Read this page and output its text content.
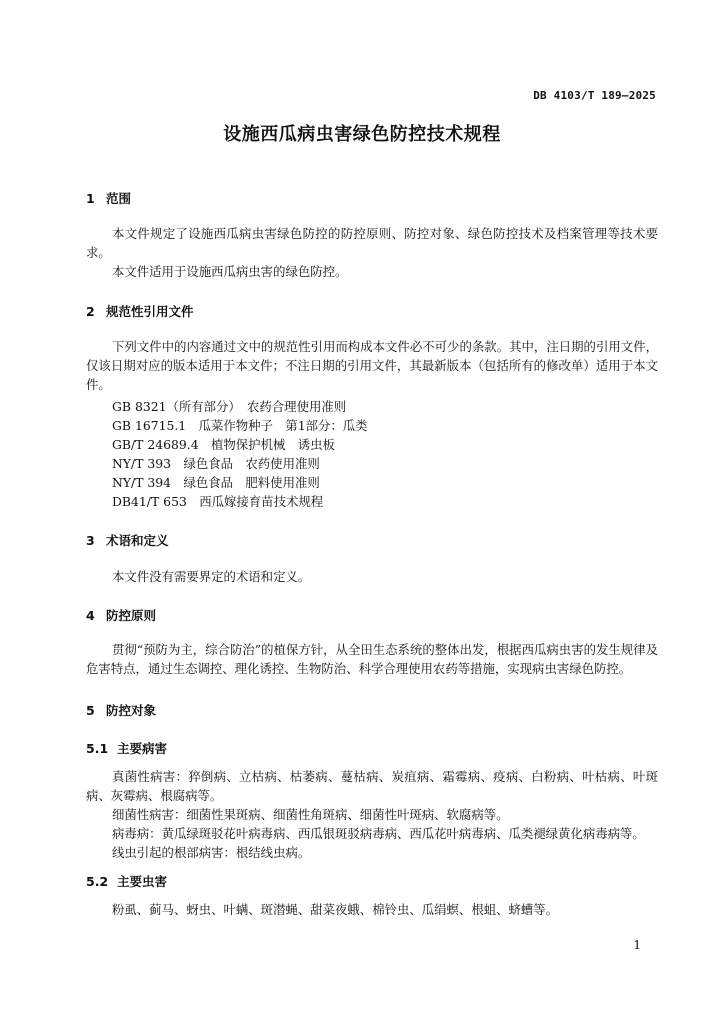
DB 4103/T 189—2025
设施西瓜病虫害绿色防控技术规程
1 范围
本文件规定了设施西瓜病虫害绿色防控的防控原则、防控对象、绿色防控技术及档案管理等技术要求。
本文件适用于设施西瓜病虫害的绿色防控。
2 规范性引用文件
下列文件中的内容通过文中的规范性引用而构成本文件必不可少的条款。其中，注日期的引用文件，仅该日期对应的版本适用于本文件；不注日期的引用文件，其最新版本（包括所有的修改单）适用于本文件。
GB 8321（所有部分）　农药合理使用准则
GB 16715.1　瓜菜作物种子　第1部分：瓜类
GB/T 24689.4　植物保护机械　诱虫板
NY/T 393　绿色食品　农药使用准则
NY/T 394　绿色食品　肥料使用准则
DB41/T 653　西瓜嫁接育苗技术规程
3 术语和定义
本文件没有需要界定的术语和定义。
4 防控原则
贯彻“预防为主，综合防治”的植保方针，从全田生态系统的整体出发，根据西瓜病虫害的发生规律及危害特点，通过生态调控、理化诱控、生物防治、科学合理使用农药等措施，实现病虫害绿色防控。
5 防控对象
5.1 主要病害
真菌性病害：猝倒病、立枯病、枯萎病、蔓枯病、炭疽病、霜霉病、疫病、白粉病、叶枯病、叶斑病、灰霉病、根腐病等。
细菌性病害：细菌性果斑病、细菌性角斑病、细菌性叶斑病、软腐病等。
病毒病：黄瓜绿斑驳花叶病毒病、西瓜银斑驳病毒病、西瓜花叶病毒病、瓜类褪绿黄化病毒病等。
线虫引起的根部病害：根结线虫病。
5.2 主要虫害
粉虱、蓟马、蚜虫、叶螨、斑潜蝇、甜菜夜蛾、棉铃虫、瓜绢螟、根蛆、蛴螬等。
1
